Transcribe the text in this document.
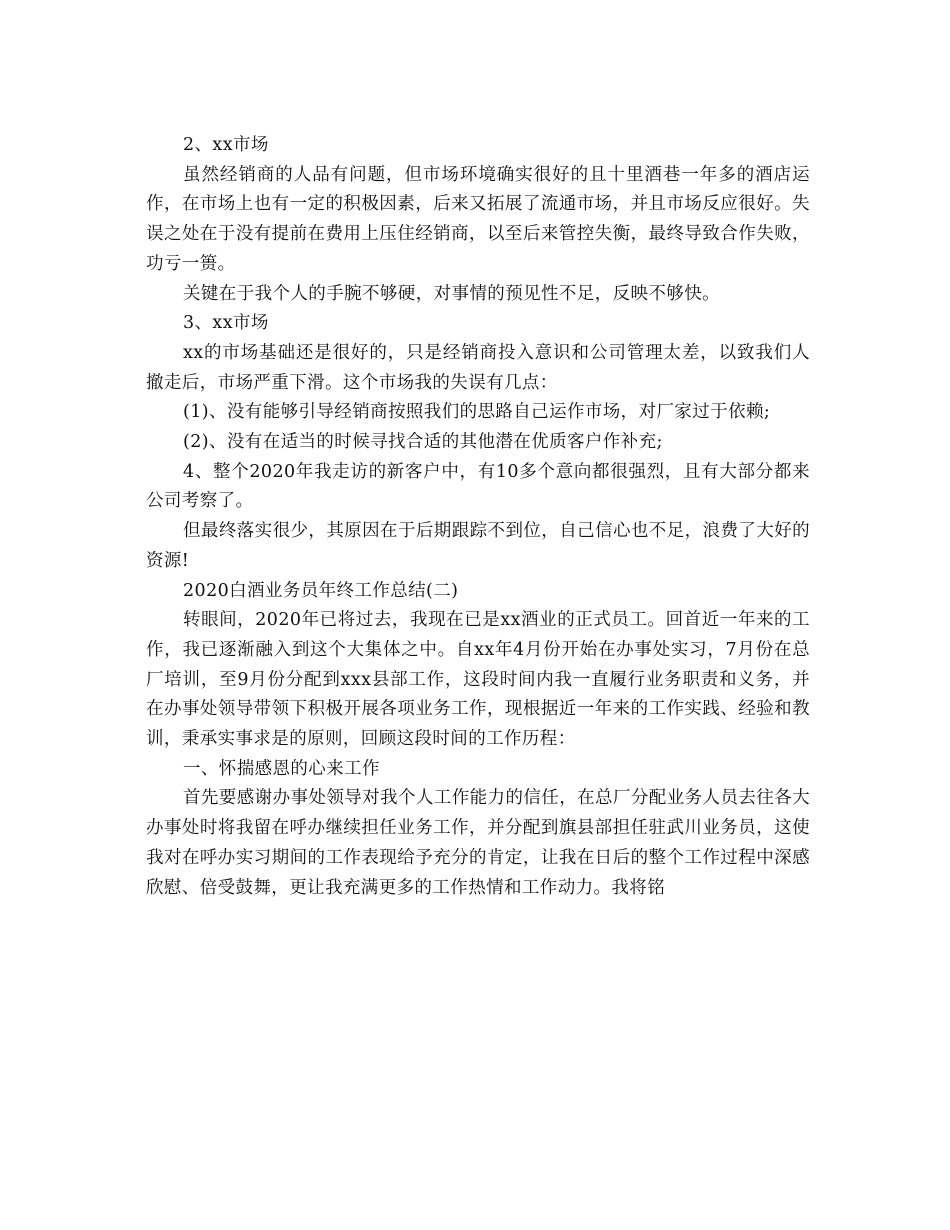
2、xx市场

虽然经销商的人品有问题，但市场环境确实很好的且十里酒巷一年多的酒店运作，在市场上也有一定的积极因素，后来又拓展了流通市场，并且市场反应很好。失误之处在于没有提前在费用上压住经销商，以至后来管控失衡，最终导致合作失败，功亏一篑。

关键在于我个人的手腕不够硬，对事情的预见性不足，反映不够快。

3、xx市场

xx的市场基础还是很好的，只是经销商投入意识和公司管理太差，以致我们人撤走后，市场严重下滑。这个市场我的失误有几点：

(1)、没有能够引导经销商按照我们的思路自己运作市场，对厂家过于依赖;

(2)、没有在适当的时候寻找合适的其他潜在优质客户作补充;

4、整个2020年我走访的新客户中，有10多个意向都很强烈，且有大部分都来公司考察了。

但最终落实很少，其原因在于后期跟踪不到位，自己信心也不足，浪费了大好的资源!

2020白酒业务员年终工作总结(二)

转眼间，2020年已将过去，我现在已是xx酒业的正式员工。回首近一年来的工作，我已逐渐融入到这个大集体之中。自xx年4月份开始在办事处实习，7月份在总厂培训，至9月份分配到xxx县部工作，这段时间内我一直履行业务职责和义务，并在办事处领导带领下积极开展各项业务工作，现根据近一年来的工作实践、经验和教训，秉承实事求是的原则，回顾这段时间的工作历程：

一、怀揣感恩的心来工作

首先要感谢办事处领导对我个人工作能力的信任，在总厂分配业务人员去往各大办事处时将我留在呼办继续担任业务工作，并分配到旗县部担任驻武川业务员，这使我对在呼办实习期间的工作表现给予充分的肯定，让我在日后的整个工作过程中深感欣慰、倍受鼓舞，更让我充满更多的工作热情和工作动力。我将铭
